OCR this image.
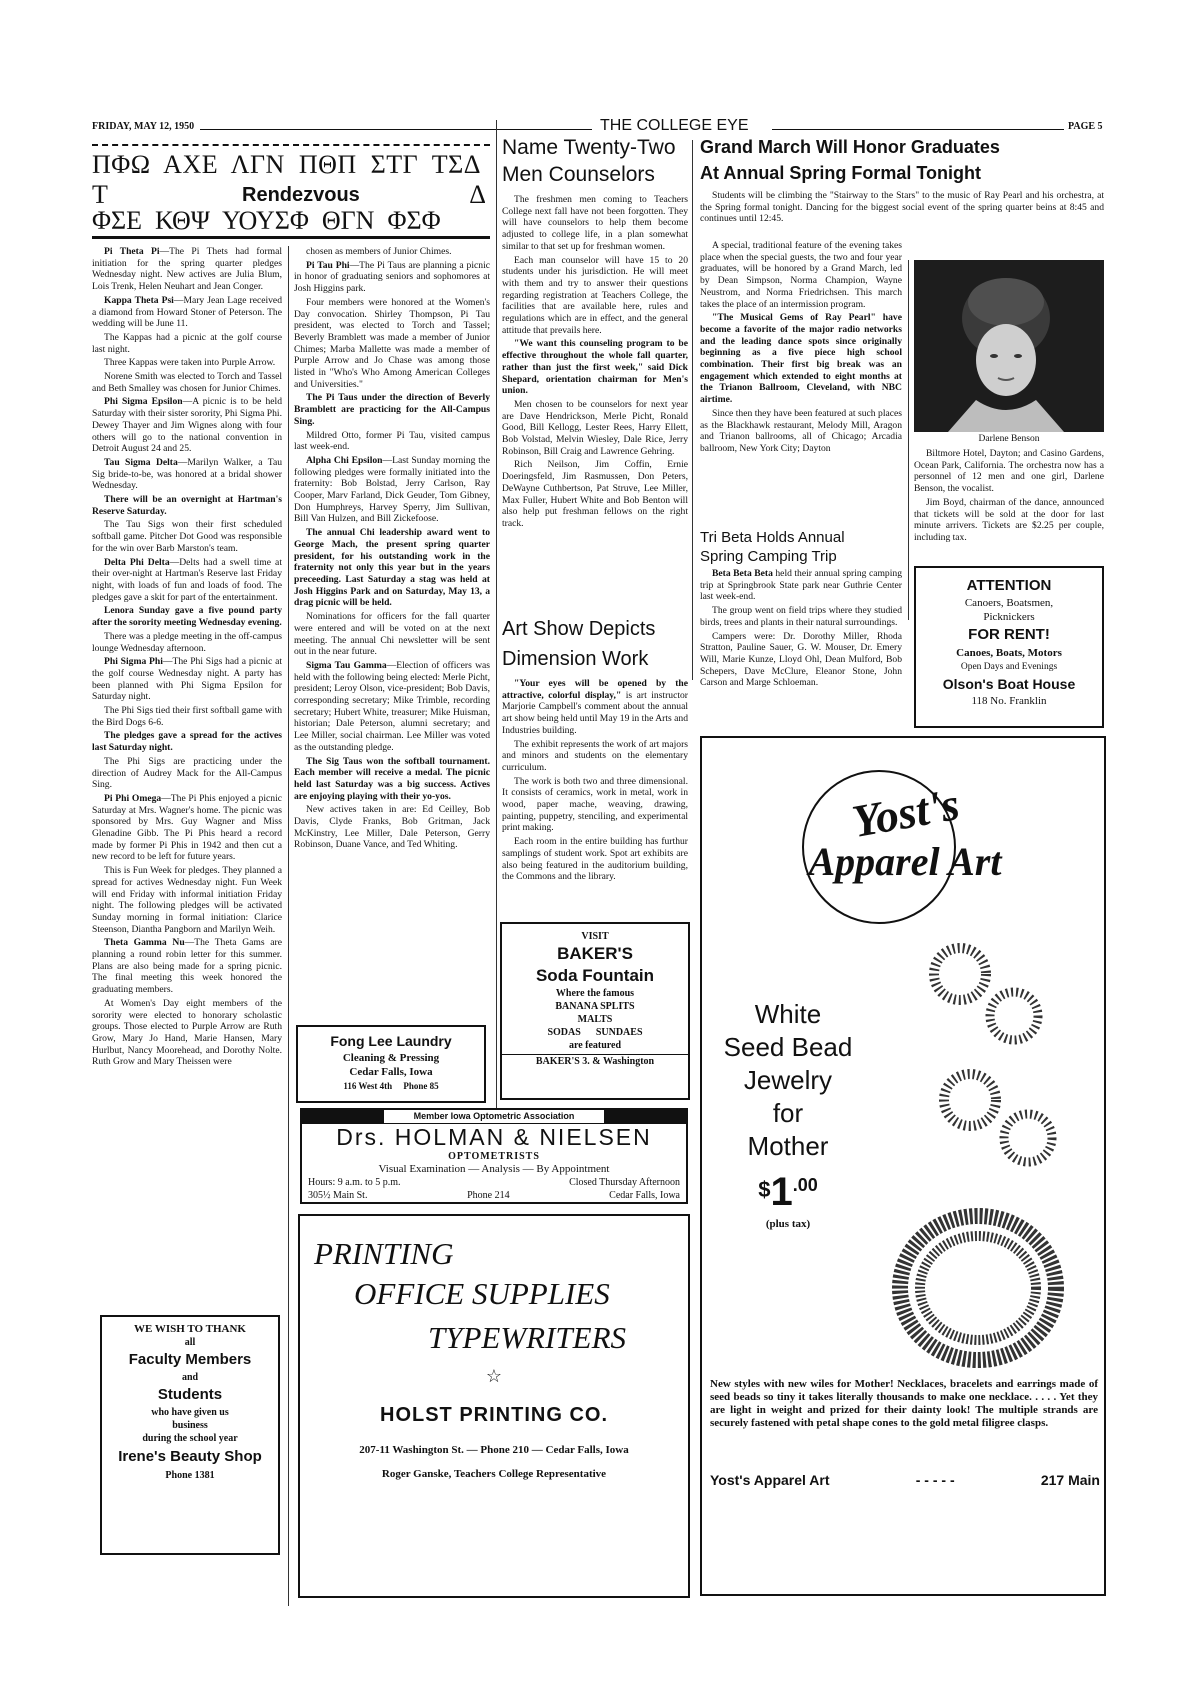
FRIDAY, MAY 12, 1950	THE COLLEGE EYE	PAGE 5
ΠΦΩ  ΑΧΕ  ΛΓΝ  ΠΘΠ  ΣΤΓ  ΤΣΔ
Τ	Rendezvous	Δ
ΦΣΕ  ΚΘΨ  ΥΟΥΣΦ  ΘΓΝ  ΦΣΦ

Pi Theta Pi—The Pi Thets had formal initiation for the spring quarter pledges Wednesday night. New actives are Julia Blum, Lois Trenk, Helen Neuhart and Jean Conger.

Kappa Theta Psi—Mary Jean Lage received a diamond from Howard Stoner of Peterson. The wedding will be June 11.

The Kappas had a picnic at the golf course last night.

Three Kappas were taken into Purple Arrow.

Norene Smith was elected to Torch and Tassel and Beth Smalley was chosen for Junior Chimes.

Phi Sigma Epsilon—A picnic is to be held Saturday with their sister sorority, Phi Sigma Phi. Dewey Thayer and Jim Wignes along with four others will go to the national convention in Detroit August 24 and 25.

Tau Sigma Delta—Marilyn Walker, a Tau Sig bride-to-be, was honored at a bridal shower Wednesday.

There will be an overnight at Hartman's Reserve Saturday.

The Tau Sigs won their first scheduled softball game. Pitcher Dot Good was responsible for the win over Barb Marston's team.

Delta Phi Delta—Delts had a swell time at their over-night at Hartman's Reserve last Friday night, with loads of fun and loads of food. The pledges gave a skit for part of the entertainment.

Lenora Sunday gave a five pound party after the sorority meeting Wednesday evening.

There was a pledge meeting in the off-campus lounge Wednesday afternoon.

Phi Sigma Phi—The Phi Sigs had a picnic at the golf course Wednesday night. A party has been planned with Phi Sigma Epsilon for Saturday night.

The Phi Sigs tied their first softball game with the Bird Dogs 6-6.

The pledges gave a spread for the actives last Saturday night.

The Phi Sigs are practicing under the direction of Audrey Mack for the All-Campus Sing.

Pi Phi Omega—The Pi Phis enjoyed a picnic Saturday at Mrs. Wagner's home. The picnic was sponsored by Mrs. Guy Wagner and Miss Glenadine Gibb. The Pi Phis heard a record made by former Pi Phis in 1942 and then cut a new record to be left for future years.

This is Fun Week for pledges. They planned a spread for actives Wednesday night. Fun Week will end Friday with informal initiation Friday night. The following pledges will be activated Sunday morning in formal initiation: Clarice Steenson, Diantha Pangborn and Marilyn Weih.

Theta Gamma Nu—The Theta Gams are planning a round robin letter for this summer. Plans are also being made for a spring picnic. The final meeting this week honored the graduating members.

At Women's Day eight members of the sorority were elected to honorary scholastic groups. Those elected to Purple Arrow are Ruth Grow, Mary Jo Hand, Marie Hansen, Mary Hurlbut, Nancy Moorehead, and Dorothy Nolte. Ruth Grow and Mary Theissen were

chosen as members of Junior Chimes.

Pi Tau Phi—The Pi Taus are planning a picnic in honor of graduating seniors and sophomores at Josh Higgins park.

Four members were honored at the Women's Day convocation. Shirley Thompson, Pi Tau president, was elected to Torch and Tassel; Beverly Bramblett was made a member of Junior Chimes; Marba Mallette was made a member of Purple Arrow and Jo Chase was among those listed in "Who's Who Among American Colleges and Universities."

The Pi Taus under the direction of Beverly Bramblett are practicing for the All-Campus Sing.

Mildred Otto, former Pi Tau, visited campus last week-end.

Alpha Chi Epsilon—Last Sunday morning the following pledges were formally initiated into the fraternity: Bob Bolstad, Jerry Carlson, Ray Cooper, Marv Farland, Dick Geuder, Tom Gibney, Don Humphreys, Harvey Sperry, Jim Sullivan, Bill Van Hulzen, and Bill Zickefoose.

The annual Chi leadership award went to George Mach, the present spring quarter president, for his outstanding work in the fraternity not only this year but in the years preceeding. Last Saturday a stag was held at Josh Higgins Park and on Saturday, May 13, a drag picnic will be held.

Nominations for officers for the fall quarter were entered and will be voted on at the next meeting. The annual Chi newsletter will be sent out in the near future.

Sigma Tau Gamma—Election of officers was held with the following being elected: Merle Picht, president; Leroy Olson, vice-president; Bob Davis, corresponding secretary; Mike Trimble, recording secretary; Hubert White, treasurer; Mike Huisman, historian; Dale Peterson, alumni secretary; and Lee Miller, social chairman. Lee Miller was voted as the outstanding pledge.

The Sig Taus won the softball tournament. Each member will receive a medal. The picnic held last Saturday was a big success. Actives are enjoying playing with their yo-yos.

New actives taken in are: Ed Ceilley, Bob Davis, Clyde Franks, Bob Gritman, Jack McKinstry, Lee Miller, Dale Peterson, Gerry Robinson, Duane Vance, and Ted Whiting.

WE WISH TO THANK
all
Faculty Members
and
Students
who have given us
business
during the school year
Irene's Beauty Shop
Phone 1381
Fong Lee Laundry
Cleaning & Pressing
Cedar Falls, Iowa
116 West 4th Phone 85
Name Twenty-Two
Men Counselors

The freshmen men coming to Teachers College next fall have not been forgotten. They will have counselors to help them become adjusted to college life, in a plan somewhat similar to that set up for freshman women.

Each man counselor will have 15 to 20 students under his jurisdiction. He will meet with them and try to answer their questions regarding registration at Teachers College, the facilities that are available here, rules and regulations which are in effect, and the general attitude that prevails here.

"We want this counseling program to be effective throughout the whole fall quarter, rather than just the first week," said Dick Shepard, orientation chairman for Men's union.

Men chosen to be counselors for next year are Dave Hendrickson, Merle Picht, Ronald Good, Bill Kellogg, Lester Rees, Harry Ellett, Bob Volstad, Melvin Wiesley, Dale Rice, Jerry Robinson, Bill Craig and Lawrence Gehring.

Rich Neilson, Jim Coffin, Ernie Doeringsfeld, Jim Rasmussen, Don Peters, DeWayne Cuthbertson, Pat Struve, Lee Miller, Max Fuller, Hubert White and Bob Benton will also help put freshman fellows on the right track.

Art Show Depicts
Dimension Work

"Your eyes will be opened by the attractive, colorful display," is art instructor Marjorie Campbell's comment about the annual art show being held until May 19 in the Arts and Industries building.

The exhibit represents the work of art majors and minors and students on the elementary curriculum.

The work is both two and three dimensional. It consists of ceramics, work in metal, work in wood, paper mache, weaving, drawing, painting, puppetry, stenciling, and experimental print making.

Each room in the entire building has furthur samplings of student work. Spot art exhibits are also being featured in the auditorium building, the Commons and the library.

VISIT
BAKER'S
Soda Fountain
Where the famous
BANANA SPLITS
MALTS
SODAS SUNDAES
are featured
BAKER'S 3. & Washington
Member Iowa Optometric Association
Drs. HOLMAN & NIELSEN
OPTOMETRISTS
Visual Examination — Analysis — By Appointment
Hours: 9 a.m. to 5 p.m.	Closed Thursday Afternoon
305½ Main St.	Phone 214	Cedar Falls, Iowa
PRINTING
OFFICE SUPPLIES
TYPEWRITERS
☆
HOLST PRINTING CO.
207-11 Washington St. — Phone 210 — Cedar Falls, Iowa
Roger Ganske, Teachers College Representative
Grand March Will Honor Graduates
At Annual Spring Formal Tonight
Students will be climbing the "Stairway to the Stars" to the music of Ray Pearl and his orchestra, at the Spring formal tonight. Dancing for the biggest social event of the spring quarter beins at 8:45 and continues until 12:45.

A special, traditional feature of the evening takes place when the special guests, the two and four year graduates, will be honored by a Grand March, led by Dean Simpson, Norma Champion, Wayne Neustrom, and Norma Friedrichsen. This march takes the place of an intermission program.

"The Musical Gems of Ray Pearl" have become a favorite of the major radio networks and the leading dance spots since originally beginning as a five piece high school combination. Their first big break was an engagement which extended to eight months at the Trianon Ballroom, Cleveland, with NBC airtime.

Since then they have been featured at such places as the Blackhawk restaurant, Melody Mill, Aragon and Trianon ballrooms, all of Chicago; Arcadia ballroom, New York City; Dayton

Darlene Benson

Biltmore Hotel, Dayton; and Casino Gardens, Ocean Park, California. The orchestra now has a personnel of 12 men and one girl, Darlene Benson, the vocalist.

Jim Boyd, chairman of the dance, announced that tickets will be sold at the door for last minute arrivers. Tickets are $2.25 per couple, including tax.

Tri Beta Holds Annual
Spring Camping Trip

Beta Beta Beta held their annual spring camping trip at Springbrook State park near Guthrie Center last week-end.

The group went on field trips where they studied birds, trees and plants in their natural surroundings.

Campers were: Dr. Dorothy Miller, Rhoda Stratton, Pauline Sauer, G. W. Mouser, Dr. Emery Will, Marie Kunze, Lloyd Ohl, Dean Mulford, Bob Schepers, Dave McClure, Eleanor Stone, John Carson and Marge Schloeman.

ATTENTION
Canoers, Boatsmen,
Picknickers
FOR RENT!
Canoes, Boats, Motors
Open Days and Evenings
Olson's Boat House
118 No. Franklin
Yost's
Apparel Art
White
Seed Bead
Jewelry
for
Mother
$^{\$}1^{.00}$
(plus tax)
New styles with new wiles for Mother! Necklaces, bracelets and earrings made of seed beads so tiny it takes literally thousands to make one necklace. . . . . Yet they are light in weight and prized for their dainty look! The multiple strands are securely fastened with petal shape cones to the gold metal filigree clasps.
Yost's Apparel Art	- - - - -	217 Main
